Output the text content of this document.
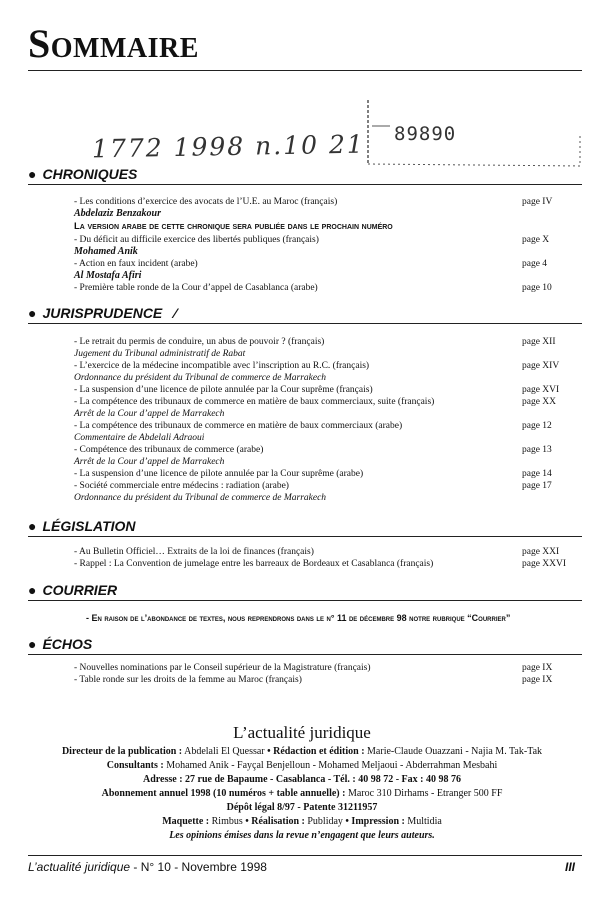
Sommaire
1772 1998 n.10 21 89890
● CHRONIQUES
- Les conditions d’exercice des avocats de l’U.E. au Maroc (français)	page IV
Abdelaziz Benzakour
La version arabe de cette chronique sera publiée dans le prochain numéro
- Du déficit au difficile exercice des libertés publiques (français)	page X
Mohamed Anik
- Action en faux incident (arabe)	page 4
Al Mostafa Afiri
- Première table ronde de la Cour d’appel de Casablanca (arabe)	page 10
● JURISPRUDENCE ⁄
- Le retrait du permis de conduire, un abus de pouvoir ? (français)	page XII
Jugement du Tribunal administratif de Rabat
- L’exercice de la médecine incompatible avec l’inscription au R.C. (français)	page XIV
Ordonnance du président du Tribunal de commerce de Marrakech
- La suspension d’une licence de pilote annulée par la Cour suprême (français)	page XVI
- La compétence des tribunaux de commerce en matière de baux commerciaux, suite (français)	page XX
Arrêt de la Cour d’appel de Marrakech
- La compétence des tribunaux de commerce en matière de baux commerciaux (arabe)	page 12
Commentaire de Abdelali Adraoui
- Compétence des tribunaux de commerce (arabe)	page 13
Arrêt de la Cour d’appel de Marrakech
- La suspension d’une licence de pilote annulée par la Cour suprême (arabe)	page 14
- Société commerciale entre médecins : radiation (arabe)	page 17
Ordonnance du président du Tribunal de commerce de Marrakech
● LÉGISLATION
- Au Bulletin Officiel… Extraits de la loi de finances (français)	page XXI
- Rappel : La Convention de jumelage entre les barreaux de Bordeaux et Casablanca (français)	page XXVI
● COURRIER
- En raison de l’abondance de textes, nous reprendrons dans le n° 11 de décembre 98 notre rubrique “Courrier”
● ÉCHOS
- Nouvelles nominations par le Conseil supérieur de la Magistrature (français)	page IX
- Table ronde sur les droits de la femme au Maroc (français)	page IX
L’actualité juridique
Directeur de la publication : Abdelali El Quessar • Rédaction et édition : Marie-Claude Ouazzani - Najia M. Tak-Tak
Consultants : Mohamed Anik - Fayçal Benjelloun - Mohamed Meljaoui - Abderrahman Mesbahi
Adresse : 27 rue de Bapaume - Casablanca - Tél. : 40 98 72 - Fax : 40 98 76
Abonnement annuel 1998 (10 numéros + table annuelle) : Maroc 310 Dirhams - Etranger 500 FF
Dépôt légal 8/97 - Patente 31211957
Maquette : Rimbus • Réalisation : Publiday • Impression : Multidia
Les opinions émises dans la revue n’engagent que leurs auteurs.
L’actualité juridique - N° 10 - Novembre 1998	III
